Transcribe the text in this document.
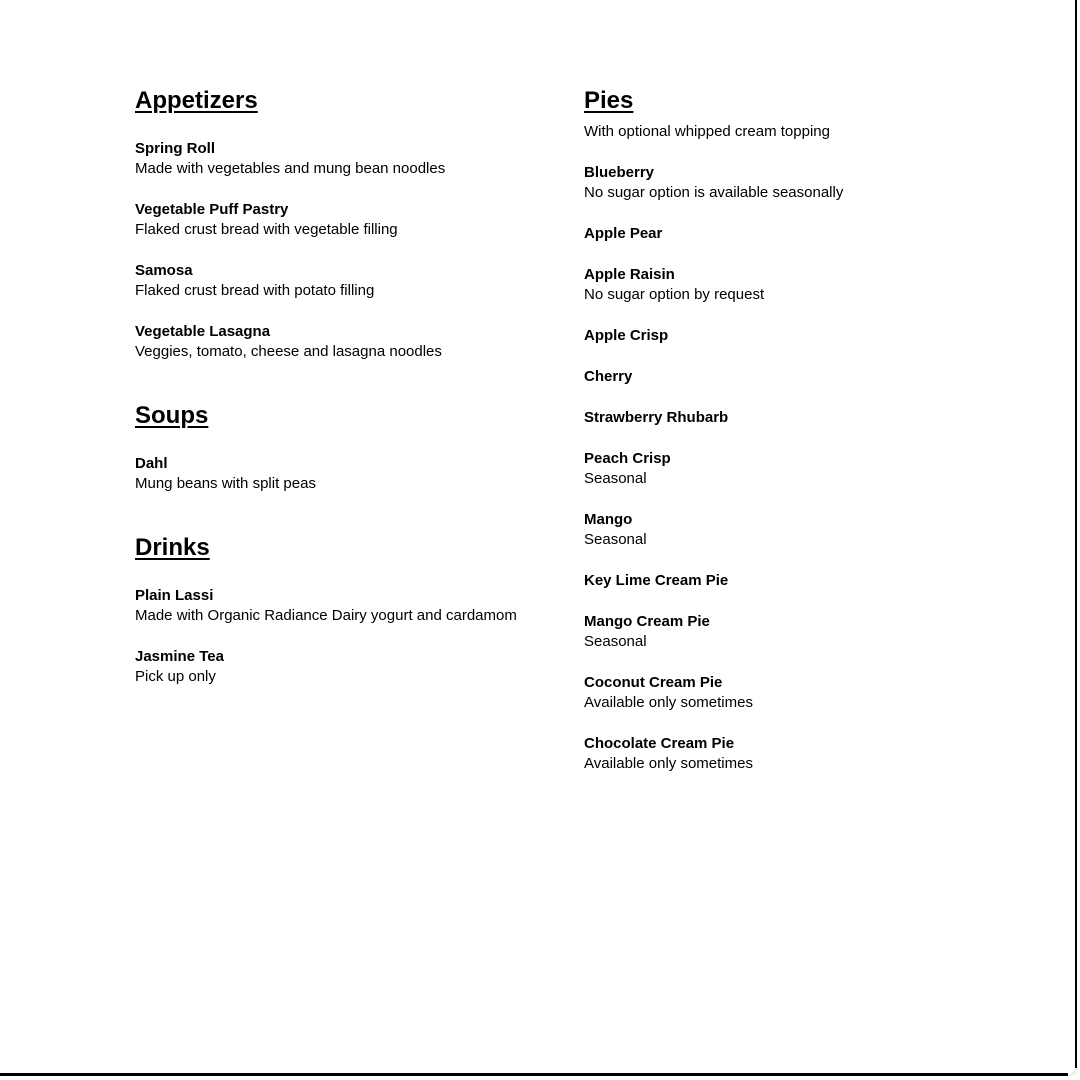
Appetizers
Spring Roll
Made with vegetables and mung bean noodles
Vegetable Puff Pastry
Flaked crust bread with vegetable filling
Samosa
Flaked crust bread with potato filling
Vegetable Lasagna
Veggies, tomato, cheese and lasagna noodles
Soups
Dahl
Mung beans with split peas
Drinks
Plain Lassi
Made with Organic Radiance Dairy yogurt and cardamom
Jasmine Tea
Pick up only
Pies

With optional whipped cream topping

Blueberry
No sugar option is available seasonally
Apple Pear
Apple Raisin
No sugar option by request
Apple Crisp
Cherry
Strawberry Rhubarb
Peach Crisp
Seasonal
Mango
Seasonal
Key Lime Cream Pie
Mango Cream Pie
Seasonal
Coconut Cream Pie
Available only sometimes
Chocolate Cream Pie
Available only sometimes
